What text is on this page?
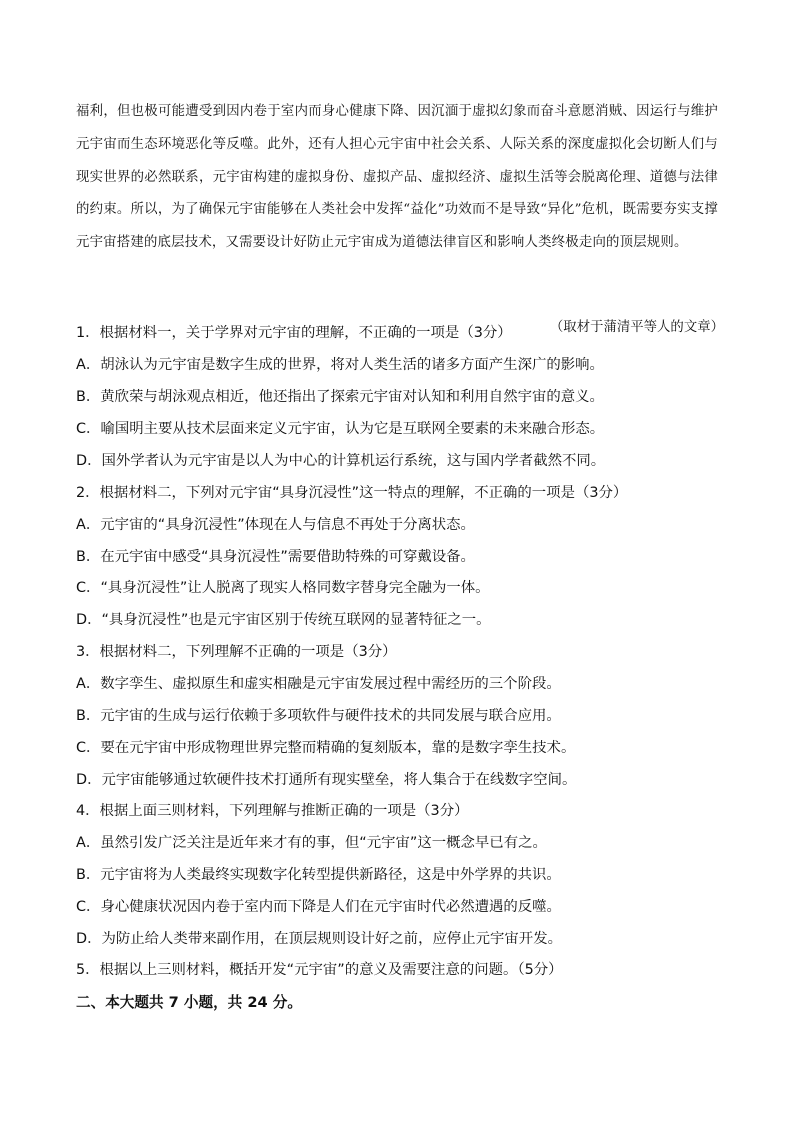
福利，但也极可能遭受到因内卷于室内而身心健康下降、因沉湎于虚拟幻象而奋斗意愿消贼、因运行与维护元宇宙而生态环境恶化等反噬。此外，还有人担心元宇宙中社会关系、人际关系的深度虚拟化会切断人们与现实世界的必然联系，元宇宙构建的虚拟身份、虚拟产品、虚拟经济、虚拟生活等会脱离伦理、道德与法律的约束。所以，为了确保元宇宙能够在人类社会中发挥“益化”功效而不是导致“异化”危机，既需要夯实支撑元宇宙搭建的底层技术，又需要设计好防止元宇宙成为道德法律盲区和影响人类终极走向的顶层规则。

（取材于蒲清平等人的文章）
1．根据材料一，关于学界对元宇宙的理解，不正确的一项是（3分）
A．胡泳认为元宇宙是数字生成的世界，将对人类生活的诸多方面产生深广的影响。
B．黄欣荣与胡泳观点相近，他还指出了探索元宇宙对认知和利用自然宇宙的意义。
C．喻国明主要从技术层面来定义元宇宙，认为它是互联网全要素的未来融合形态。
D．国外学者认为元宇宙是以人为中心的计算机运行系统，这与国内学者截然不同。
2．根据材料二，下列对元宇宙“具身沉浸性”这一特点的理解，不正确的一项是（3分）
A．元宇宙的“具身沉浸性”体现在人与信息不再处于分离状态。
B．在元宇宙中感受“具身沉浸性”需要借助特殊的可穿戴设备。
C．“具身沉浸性”让人脱离了现实人格同数字替身完全融为一体。
D．“具身沉浸性”也是元宇宙区别于传统互联网的显著特征之一。
3．根据材料二，下列理解不正确的一项是（3分）
A．数字孪生、虚拟原生和虚实相融是元宇宙发展过程中需经历的三个阶段。
B．元宇宙的生成与运行依赖于多项软件与硬件技术的共同发展与联合应用。
C．要在元宇宙中形成物理世界完整而精确的复刻版本，靠的是数字孪生技术。
D．元宇宙能够通过软硬件技术打通所有现实壁垒，将人集合于在线数字空间。
4．根据上面三则材料，下列理解与推断正确的一项是（3分）
A．虽然引发广泛关注是近年来才有的事，但“元宇宙”这一概念早已有之。
B．元宇宙将为人类最终实现数字化转型提供新路径，这是中外学界的共识。
C．身心健康状况因内卷于室内而下降是人们在元宇宙时代必然遭遇的反噬。
D．为防止给人类带来副作用，在顶层规则设计好之前，应停止元宇宙开发。
5．根据以上三则材料，概括开发“元宇宙”的意义及需要注意的问题。（5分）
二、本大题共 7 小题，共 24 分。
